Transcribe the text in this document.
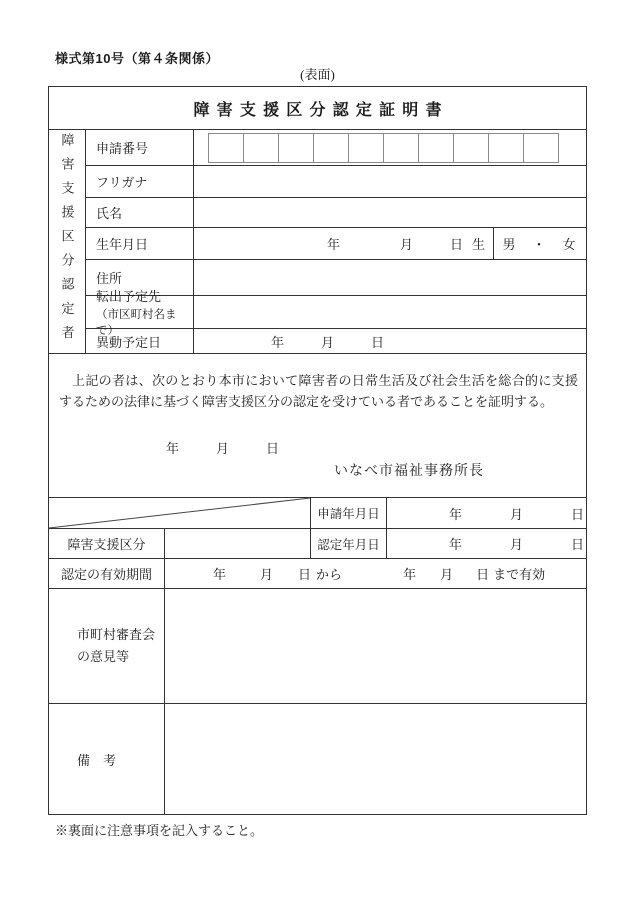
様式第10号（第４条関係）
(表面)
障害支援区分認定証明書
障害支援区分認定者 申請番号
フリガナ
氏名
生年月日	年	月	日 生	男　・　女
住所
転出予定先
（市区町村名まで）
異動予定日	年	月	日
上記の者は、次のとおり本市において障害者の日常生活及び社会生活を総合的に支援するための法律に基づく障害支援区分の認定を受けている者であることを証明する。
年	月	日
いなべ市福祉事務所長
申請年月日	年	月	日
障害支援区分	認定年月日	年	月	日
認定の有効期間	年	月 日 から	年 月 日 まで有効
市町村審査会
の意見等
備　考
※裏面に注意事項を記入すること。
